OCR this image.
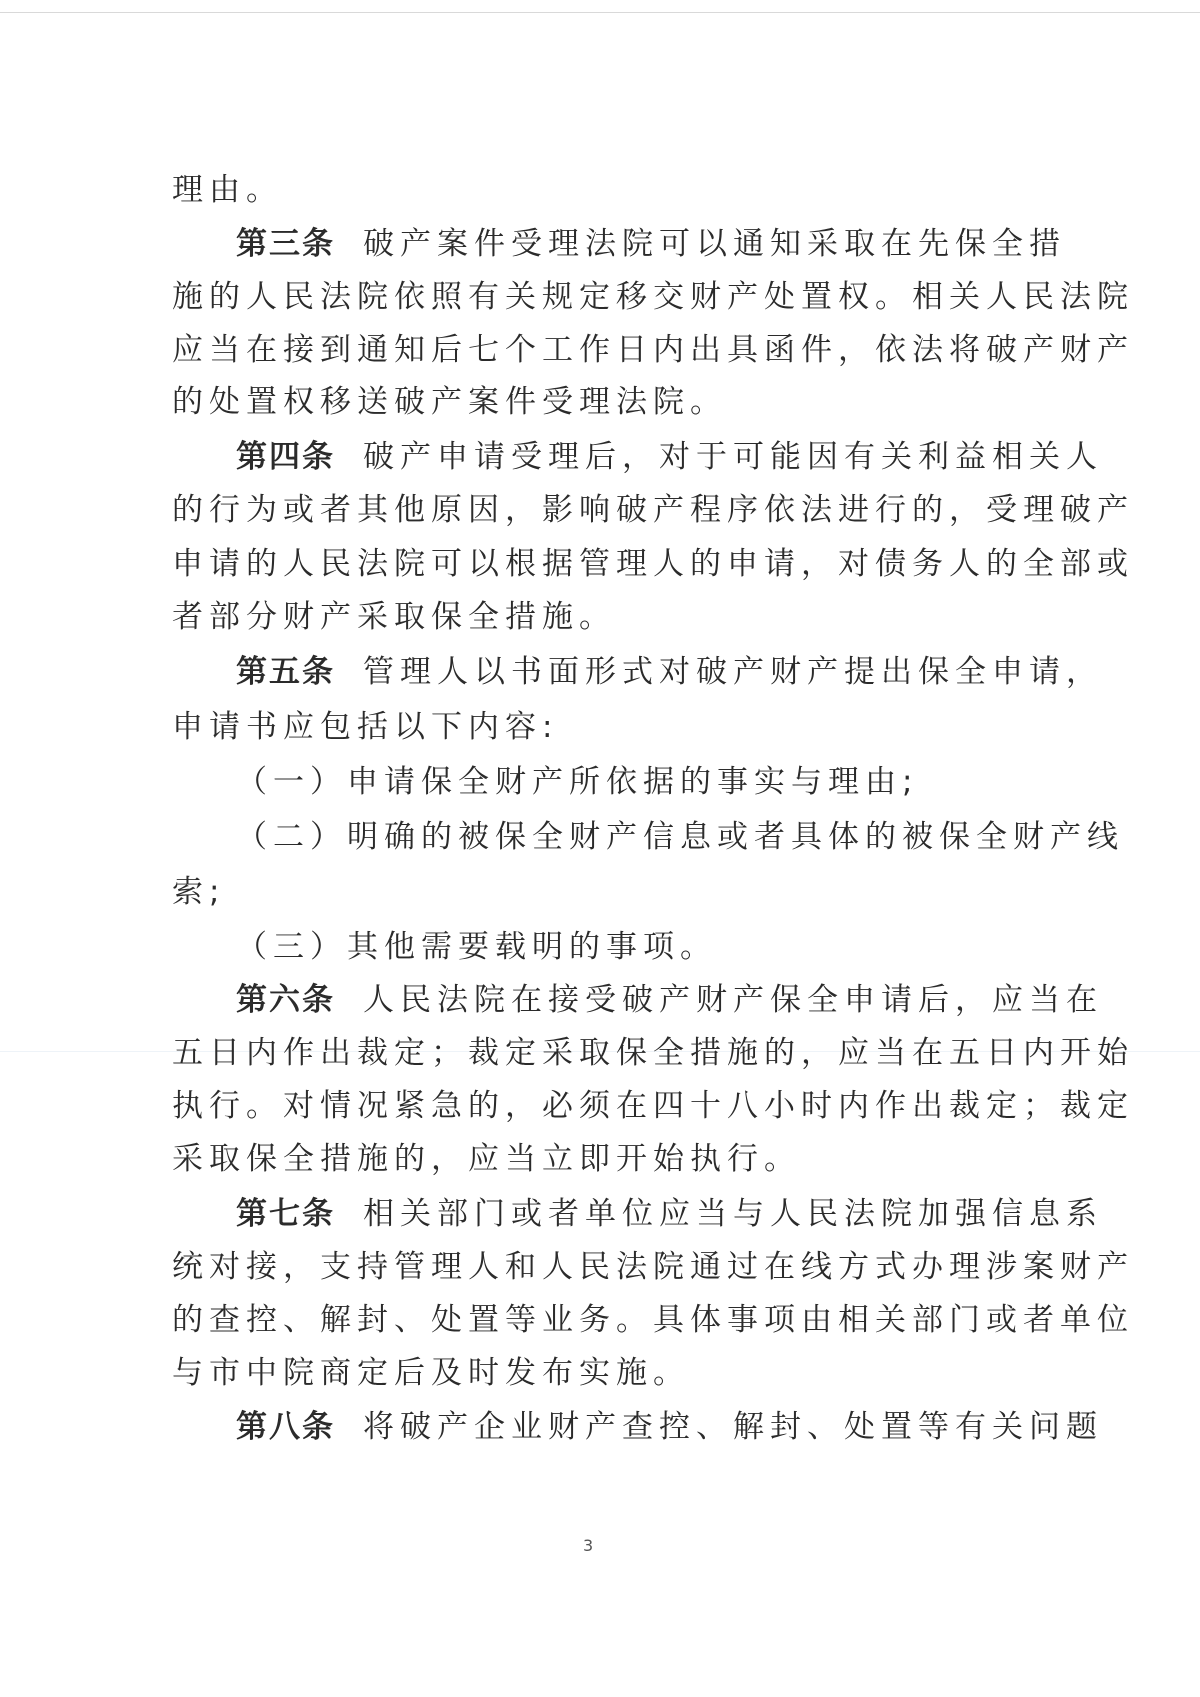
理由。
第三条 破产案件受理法院可以通知采取在先保全措
施的人民法院依照有关规定移交财产处置权。相关人民法院
应当在接到通知后七个工作日内出具函件，依法将破产财产
的处置权移送破产案件受理法院。
第四条 破产申请受理后，对于可能因有关利益相关人
的行为或者其他原因，影响破产程序依法进行的，受理破产
申请的人民法院可以根据管理人的申请，对债务人的全部或
者部分财产采取保全措施。
第五条 管理人以书面形式对破产财产提出保全申请，
申请书应包括以下内容:
（一）申请保全财产所依据的事实与理由;
（二）明确的被保全财产信息或者具体的被保全财产线
索;
（三）其他需要载明的事项。
第六条 人民法院在接受破产财产保全申请后，应当在
五日内作出裁定；裁定采取保全措施的，应当在五日内开始
执行。对情况紧急的，必须在四十八小时内作出裁定；裁定
采取保全措施的，应当立即开始执行。
第七条 相关部门或者单位应当与人民法院加强信息系
统对接，支持管理人和人民法院通过在线方式办理涉案财产
的查控、解封、处置等业务。具体事项由相关部门或者单位
与市中院商定后及时发布实施。
第八条 将破产企业财产查控、解封、处置等有关问题
3
